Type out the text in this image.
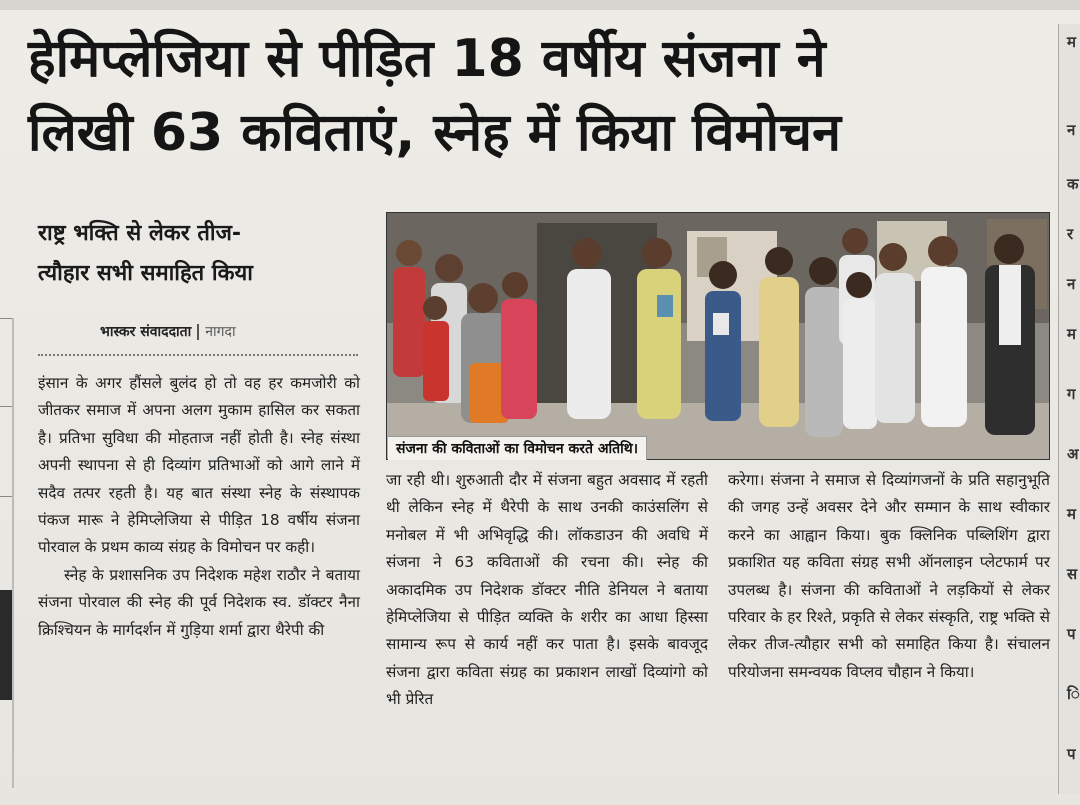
हेमिप्लेजिया से पीड़ित 18 वर्षीय संजना ने
लिखी 63 कविताएं, स्नेह में किया विमोचन
राष्ट्र भक्ति से लेकर तीज-
त्यौहार सभी समाहित किया
भास्कर संवाददाता नागदा

इंसान के अगर हौंसले बुलंद हो तो वह हर कमजोरी को जीतकर समाज में अपना अलग मुकाम हासिल कर सकता है। प्रतिभा सुविधा की मोहताज नहीं होती है। स्नेह संस्था अपनी स्थापना से ही दिव्यांग प्रतिभाओं को आगे लाने में सदैव तत्पर रहती है। यह बात संस्था स्नेह के संस्थापक पंकज मारू ने हेमिप्लेजिया से पीड़ित 18 वर्षीय संजना पोरवाल के प्रथम काव्य संग्रह के विमोचन पर कही।

स्नेह के प्रशासनिक उप निदेशक महेश राठौर ने बताया संजना पोरवाल की स्नेह की पूर्व निदेशक स्व. डॉक्टर नैना क्रिश्चियन के मार्गदर्शन में गुड़िया शर्मा द्वारा थैरेपी की

संजना की कविताओं का विमोचन करते अतिथि।

जा रही थी। शुरुआती दौर में संजना बहुत अवसाद में रहती थी लेकिन स्नेह में थैरेपी के साथ उनकी काउंसलिंग से मनोबल में भी अभिवृद्धि की। लॉकडाउन की अवधि में संजना ने 63 कविताओं की रचना की। स्नेह की अकादमिक उप निदेशक डॉक्टर नीति डेनियल ने बताया हेमिप्लेजिया से पीड़ित व्यक्ति के शरीर का आधा हिस्सा सामान्य रूप से कार्य नहीं कर पाता है। इसके बावजूद संजना द्वारा कविता संग्रह का प्रकाशन लाखों दिव्यांगो को भी प्रेरित

करेगा। संजना ने समाज से दिव्यांगजनों के प्रति सहानुभूति की जगह उन्हें अवसर देने और सम्मान के साथ स्वीकार करने का आह्वान किया। बुक क्लिनिक पब्लिशिंग द्वारा प्रकाशित यह कविता संग्रह सभी ऑनलाइन प्लेटफार्म पर उपलब्ध है। संजना की कविताओं ने लड़कियों से लेकर परिवार के हर रिश्ते, प्रकृति से लेकर संस्कृति, राष्ट्र भक्ति से लेकर तीज-त्यौहार सभी को समाहित किया है। संचालन परियोजना समन्वयक विप्लव चौहान ने किया।

म
न
क
र
न
म
ग
अ
म
स
प
ि
प
